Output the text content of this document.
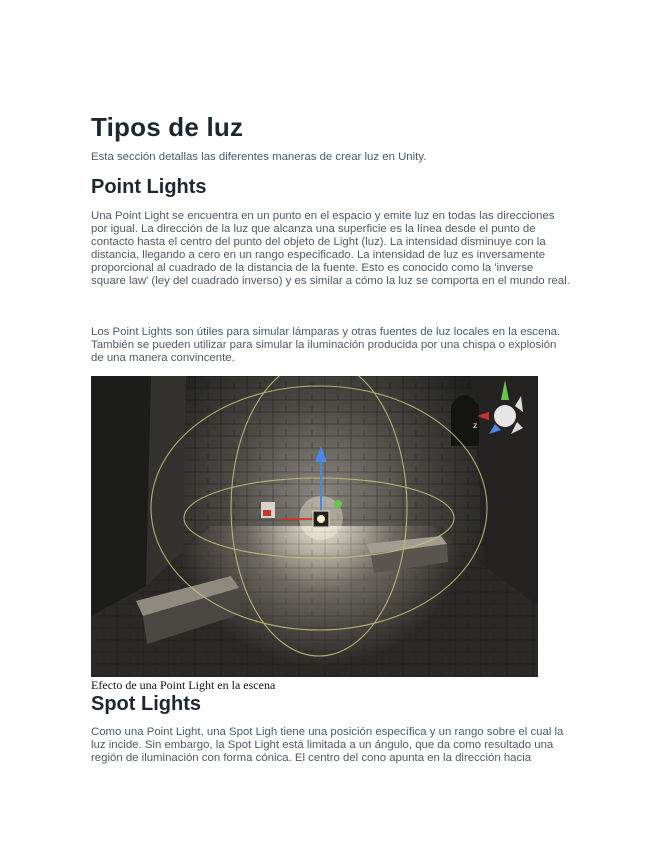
Tipos de luz

Esta sección detallas las diferentes maneras de crear luz en Unity.

Point Lights

Una Point Light se encuentra en un punto en el espacio y emite luz en todas las direcciones por igual. La dirección de la luz que alcanza una superficie es la línea desde el punto de contacto hasta el centro del punto del objeto de Light (luz). La intensidad disminuye con la distancia, llegando a cero en un rango especificado. La intensidad de luz es inversamente proporcional al cuadrado de la distancia de la fuente. Esto es conocido como la 'inverse square law' (ley del cuadrado inverso) y es similar a cómo la luz se comporta en el mundo real.

Los Point Lights son útiles para simular lámparas y otras fuentes de luz locales en la escena. También se pueden utilizar para simular la iluminación producida por una chispa o explosión de una manera convincente.

z

Efecto de una Point Light en la escena

Spot Lights

Como una Point Light, una Spot Ligh tiene una posición específica y un rango sobre el cual la luz incide. Sin embargo, la Spot Light está limitada a un ángulo, que da como resultado una región de iluminación con forma cónica. El centro del cono apunta en la dirección hacia
